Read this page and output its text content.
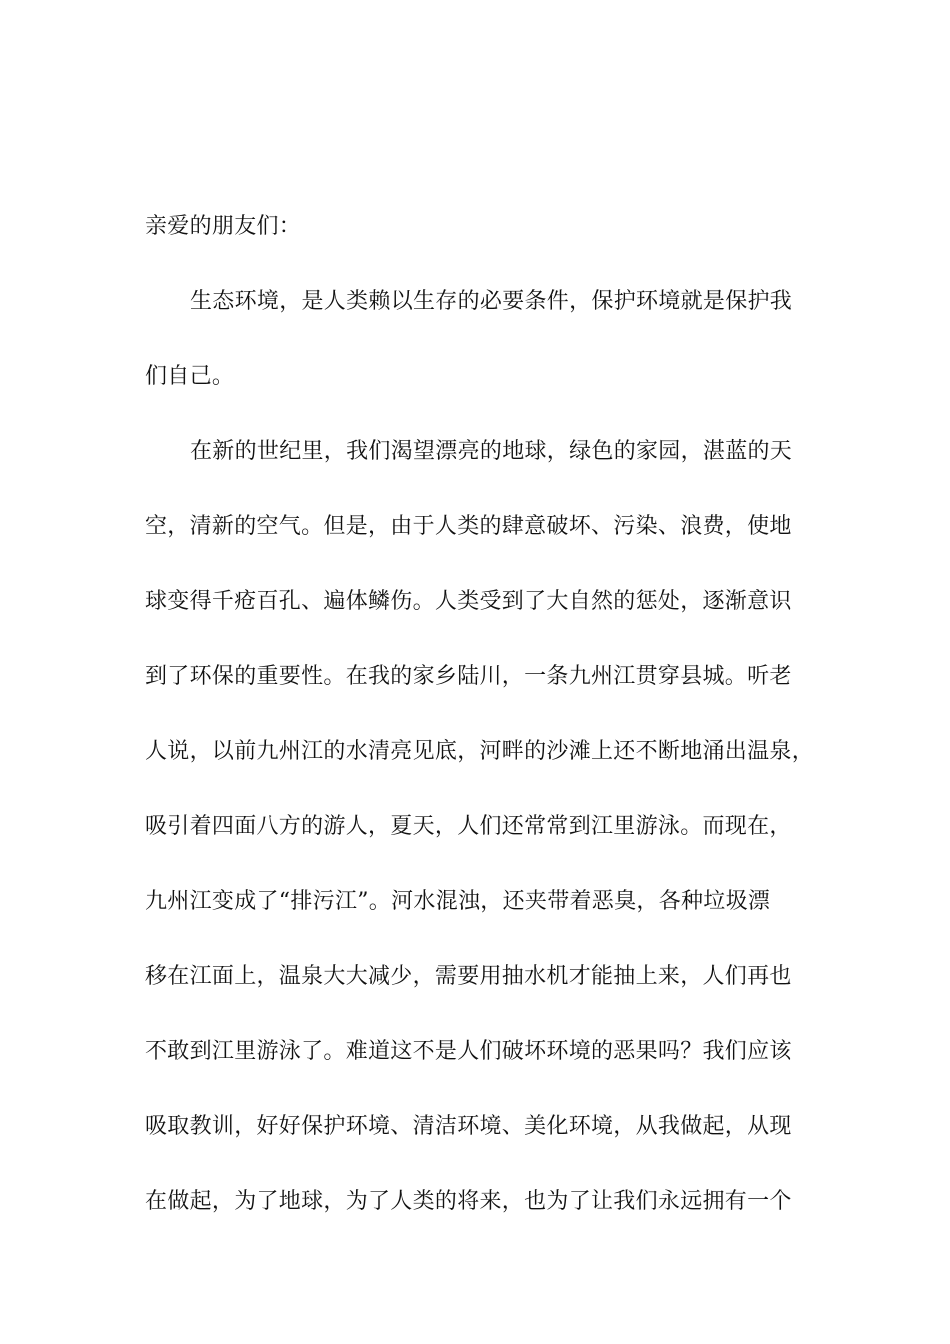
亲爱的朋友们：
生态环境，是人类赖以生存的必要条件，保护环境就是保护我
们自己。
在新的世纪里，我们渴望漂亮的地球，绿色的家园，湛蓝的天
空，清新的空气。但是，由于人类的肆意破坏、污染、浪费，使地
球变得千疮百孔、遍体鳞伤。人类受到了大自然的惩处，逐渐意识
到了环保的重要性。在我的家乡陆川，一条九州江贯穿县城。听老
人说，以前九州江的水清亮见底，河畔的沙滩上还不断地涌出温泉，
吸引着四面八方的游人，夏天，人们还常常到江里游泳。而现在，
九州江变成了“排污江”。河水混浊，还夹带着恶臭，各种垃圾漂
移在江面上，温泉大大减少，需要用抽水机才能抽上来，人们再也
不敢到江里游泳了。难道这不是人们破坏环境的恶果吗？我们应该
吸取教训，好好保护环境、清洁环境、美化环境，从我做起，从现
在做起，为了地球，为了人类的将来，也为了让我们永远拥有一个
